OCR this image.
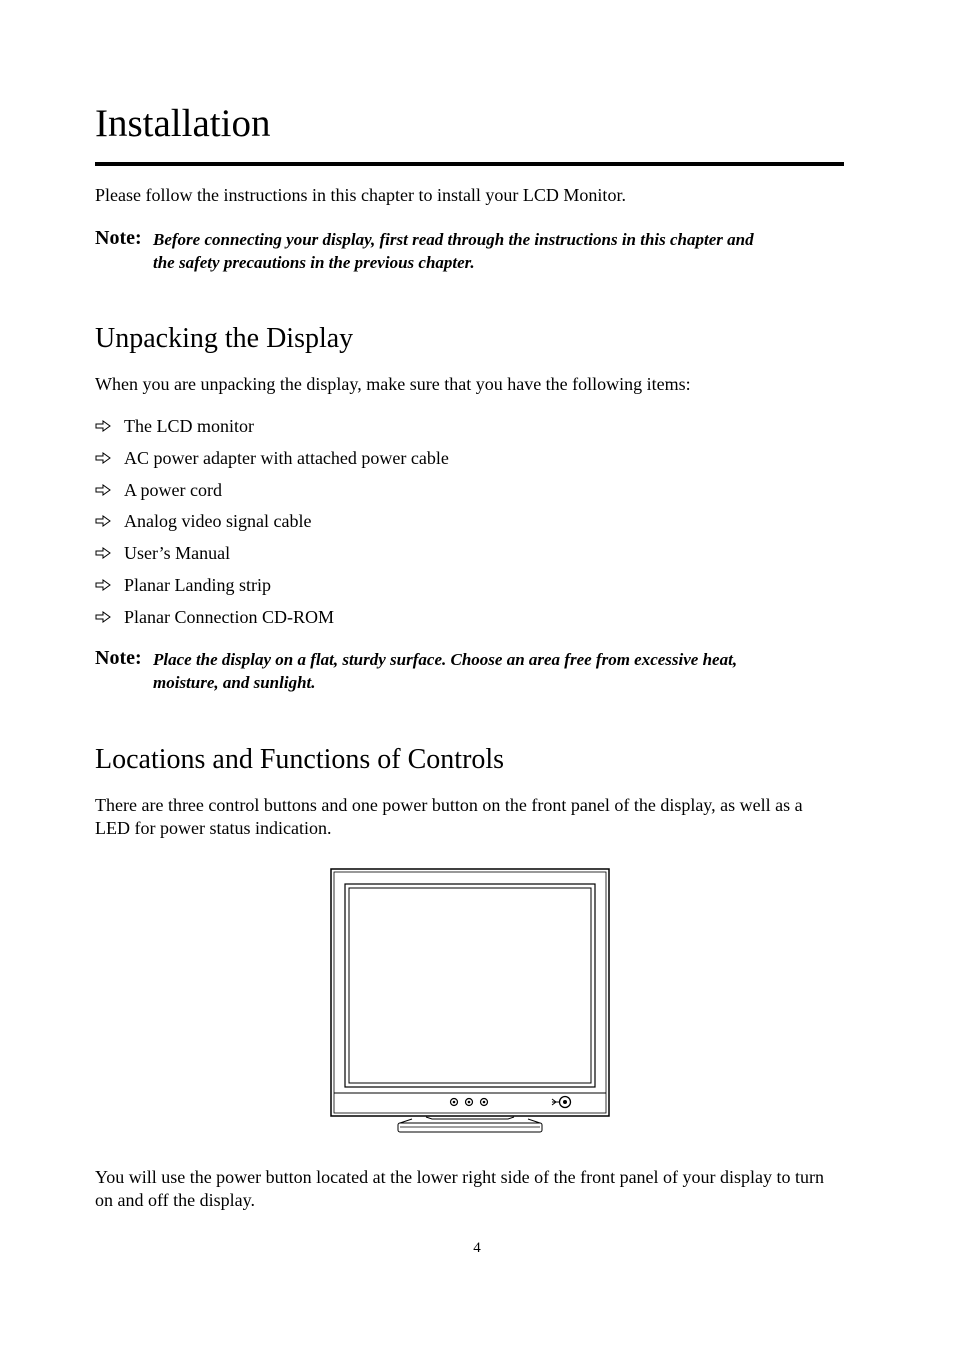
Installation

Please follow the instructions in this chapter to install your LCD Monitor.

Note: Before connecting your display, first read through the instructions in this chapter and
the safety precautions in the previous chapter.
Unpacking the Display

When you are unpacking the display, make sure that you have the following items:

The LCD monitor
AC power adapter with attached power cable
A power cord
Analog video signal cable
User’s Manual
Planar Landing strip
Planar Connection CD-ROM
Note: Place the display on a flat, sturdy surface. Choose an area free from excessive heat,
moisture, and sunlight.
Locations and Functions of Controls
There are three control buttons and one power button on the front panel of the display, as well as a
LED for power status indication.
You will use the power button located at the lower right side of the front panel of your display to turn
on and off the display.
4
